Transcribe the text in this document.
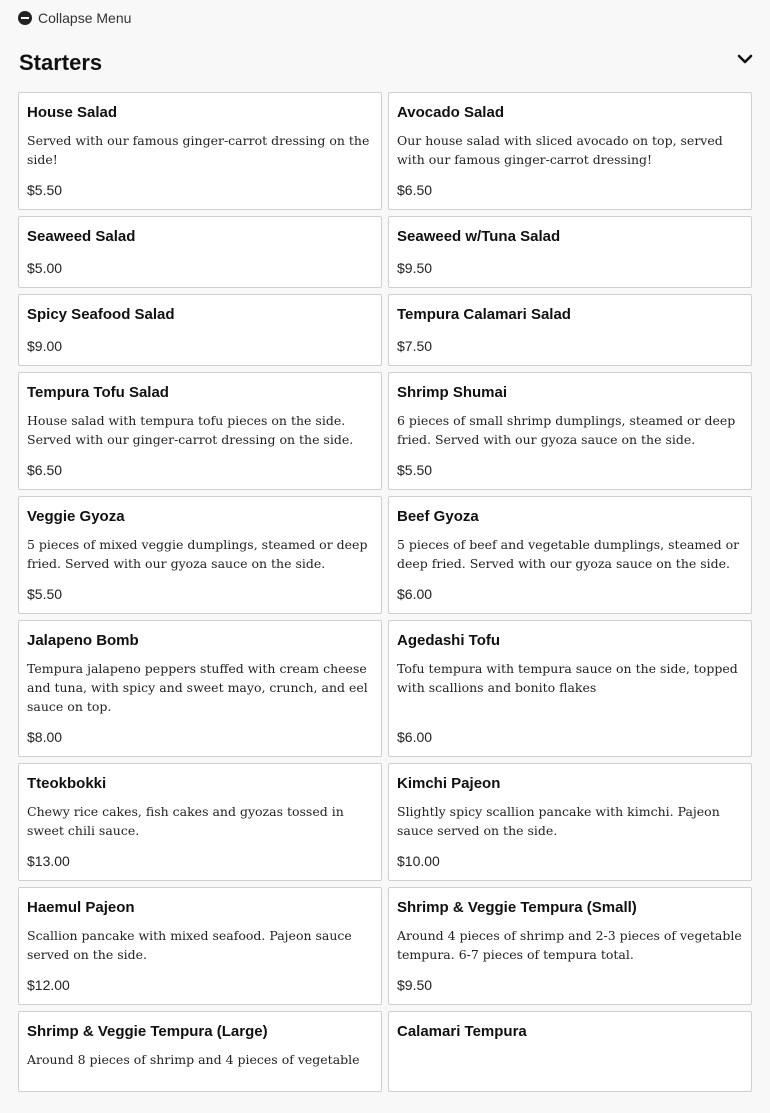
Collapse Menu
Starters
House Salad
Served with our famous ginger-carrot dressing on the side!
$5.50
Avocado Salad
Our house salad with sliced avocado on top, served with our famous ginger-carrot dressing!
$6.50
Seaweed Salad
$5.00
Seaweed w/Tuna Salad
$9.50
Spicy Seafood Salad
$9.00
Tempura Calamari Salad
$7.50
Tempura Tofu Salad
House salad with tempura tofu pieces on the side. Served with our ginger-carrot dressing on the side.
$6.50
Shrimp Shumai
6 pieces of small shrimp dumplings, steamed or deep fried. Served with our gyoza sauce on the side.
$5.50
Veggie Gyoza
5 pieces of mixed veggie dumplings, steamed or deep fried. Served with our gyoza sauce on the side.
$5.50
Beef Gyoza
5 pieces of beef and vegetable dumplings, steamed or deep fried. Served with our gyoza sauce on the side.
$6.00
Jalapeno Bomb
Tempura jalapeno peppers stuffed with cream cheese and tuna, with spicy and sweet mayo, crunch, and eel sauce on top.
$8.00
Agedashi Tofu
Tofu tempura with tempura sauce on the side, topped with scallions and bonito flakes
$6.00
Tteokbokki
Chewy rice cakes, fish cakes and gyozas tossed in sweet chili sauce.
$13.00
Kimchi Pajeon
Slightly spicy scallion pancake with kimchi. Pajeon sauce served on the side.
$10.00
Haemul Pajeon
Scallion pancake with mixed seafood. Pajeon sauce served on the side.
$12.00
Shrimp & Veggie Tempura (Small)
Around 4 pieces of shrimp and 2-3 pieces of vegetable tempura. 6-7 pieces of tempura total.
$9.50
Shrimp & Veggie Tempura (Large)
Around 8 pieces of shrimp and 4 pieces of vegetable
Calamari Tempura
